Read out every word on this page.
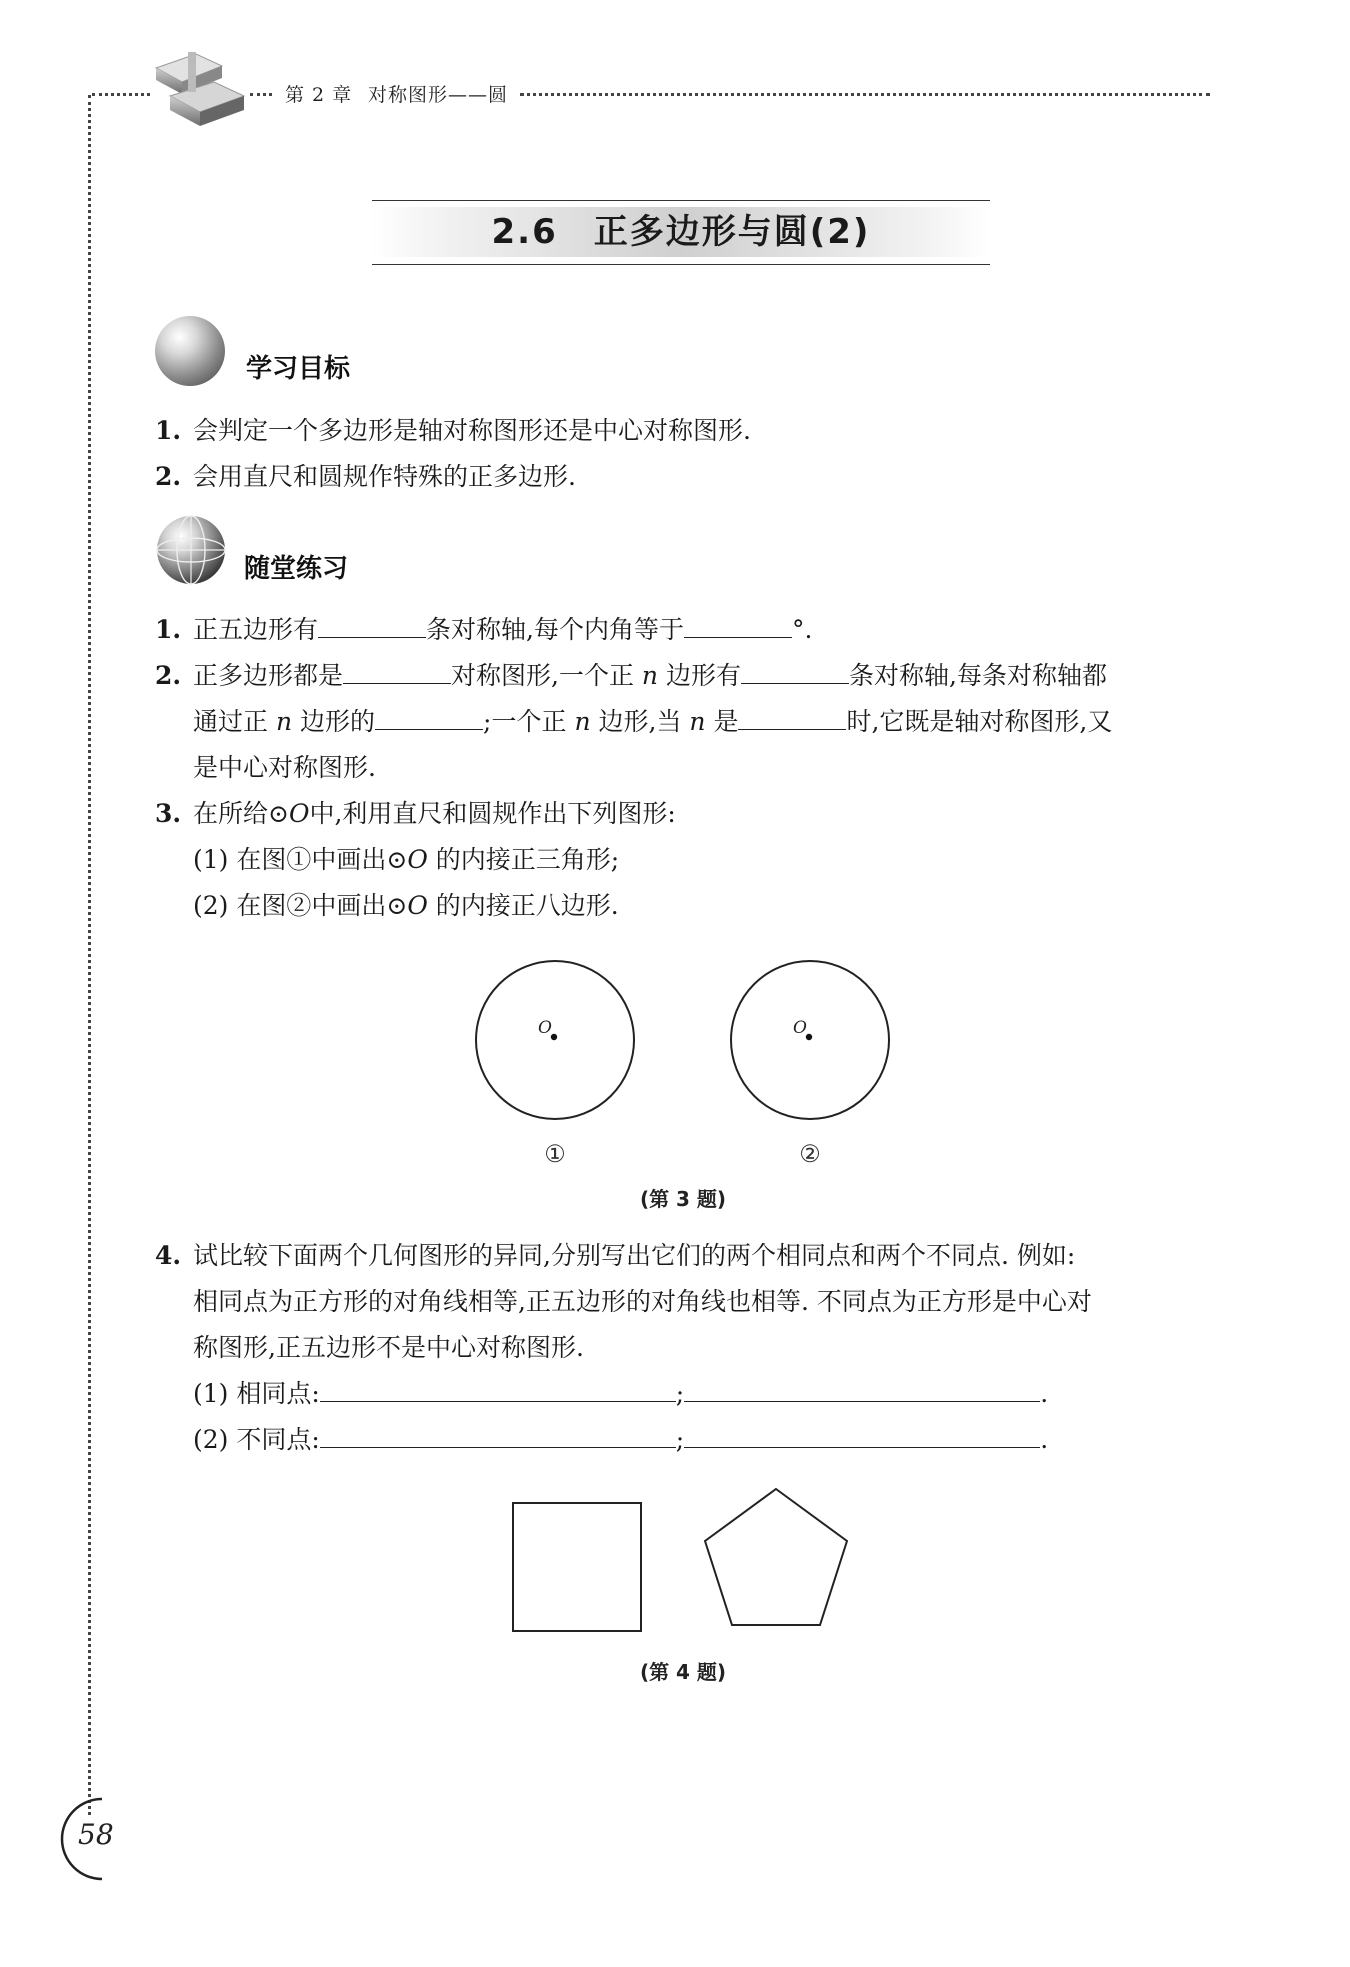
第 2 章 对称图形——圆
2.6 正多边形与圆(2)
学习目标
1. 会判定一个多边形是轴对称图形还是中心对称图形.
2. 会用直尺和圆规作特殊的正多边形.
随堂练习
1. 正五边形有	条对称轴,每个内角等于	°.
2. 正多边形都是	对称图形,一个正 n 边形有	条对称轴,每条对称轴都
通过正 n 边形的	;一个正 n 边形,当 n 是	时,它既是轴对称图形,又
是中心对称图形.
3. 在所给⊙O中,利用直尺和圆规作出下列图形:
(1) 在图①中画出⊙O 的内接正三角形;
(2) 在图②中画出⊙O 的内接正八边形.
O	O
①	②
(第 3 题)
4. 试比较下面两个几何图形的异同,分别写出它们的两个相同点和两个不同点. 例如:
相同点为正方形的对角线相等,正五边形的对角线也相等. 不同点为正方形是中心对
称图形,正五边形不是中心对称图形.
(1) 相同点:	;	.
(2) 不同点:	;	.
(第 4 题)
58
